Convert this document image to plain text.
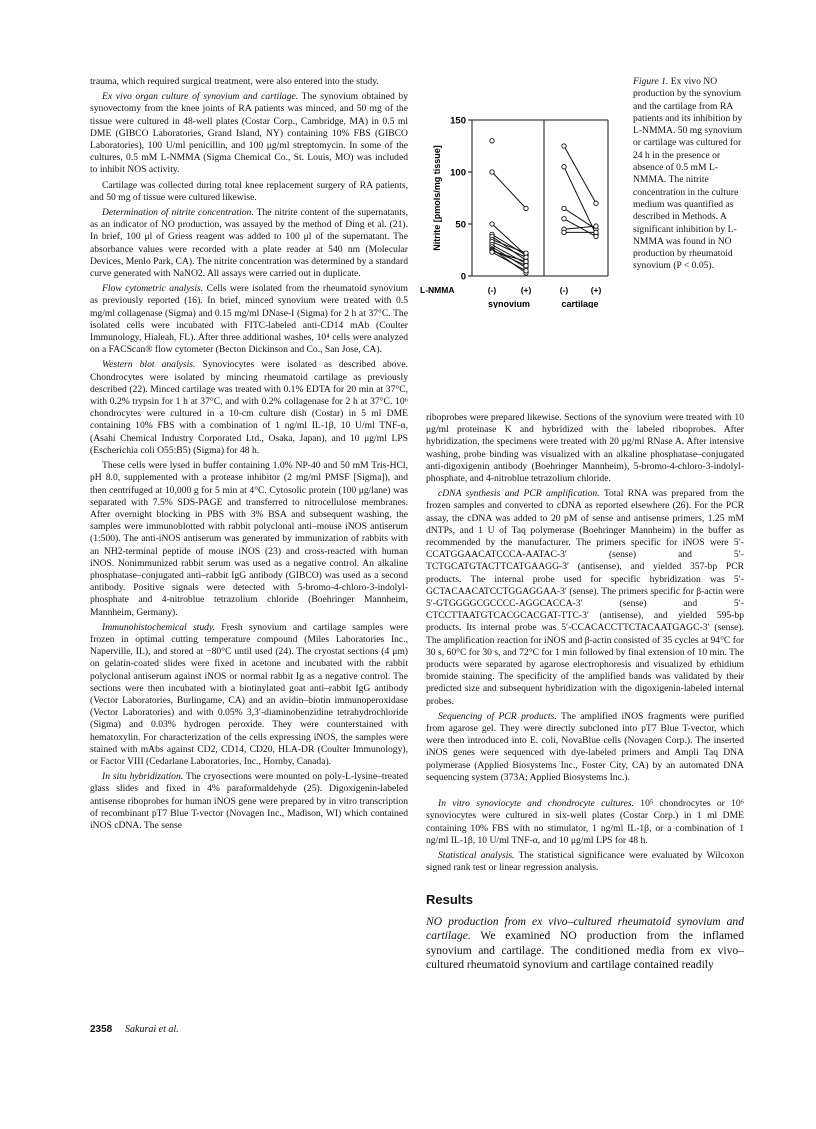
trauma, which required surgical treatment, were also entered into the study.

Ex vivo organ culture of synovium and cartilage. The synovium obtained by synovectomy from the knee joints of RA patients was minced, and 50 mg of the tissue were cultured in 48-well plates (Costar Corp., Cambridge, MA) in 0.5 ml DME (GIBCO Laboratories, Grand Island, NY) containing 10% FBS (GIBCO Laboratories), 100 U/ml penicillin, and 100 μg/ml streptomycin. In some of the cultures, 0.5 mM L-NMMA (Sigma Chemical Co., St. Louis, MO) was included to inhibit NOS activity.

Cartilage was collected during total knee replacement surgery of RA patients, and 50 mg of tissue were cultured likewise.

Determination of nitrite concentration. The nitrite content of the supernatants, as an indicator of NO production, was assayed by the method of Ding et al. (21). In brief, 100 μl of Griess reagent was added to 100 μl of the supernatant. The absorbance values were recorded with a plate reader at 540 nm (Molecular Devices, Menlo Park, CA). The nitrite concentration was determined by a standard curve generated with NaNO2. All assays were carried out in duplicate.

Flow cytometric analysis. Cells were isolated from the rheumatoid synovium as previously reported (16). In brief, minced synovium were treated with 0.5 mg/ml collagenase (Sigma) and 0.15 mg/ml DNase-I (Sigma) for 2 h at 37°C. The isolated cells were incubated with FITC-labeled anti-CD14 mAb (Coulter Immunology, Hialeah, FL). After three additional washes, 10⁴ cells were analyzed on a FACScan® flow cytometer (Becton Dickinson and Co., San Jose, CA).

Western blot analysis. Synoviocytes were isolated as described above. Chondrocytes were isolated by mincing rheumatoid cartilage as previously described (22). Minced cartilage was treated with 0.1% EDTA for 20 min at 37°C, with 0.2% trypsin for 1 h at 37°C, and with 0.2% collagenase for 2 h at 37°C. 10⁶ chondrocytes were cultured in a 10-cm culture dish (Costar) in 5 ml DME containing 10% FBS with a combination of 1 ng/ml IL-1β, 10 U/ml TNF-α, (Asahi Chemical Industry Corporated Ltd., Osaka, Japan), and 10 μg/ml LPS (Escherichia coli O55:B5) (Sigma) for 48 h.

These cells were lysed in buffer containing 1.0% NP-40 and 50 mM Tris-HCl, pH 8.0, supplemented with a protease inhibitor (2 mg/ml PMSF [Sigma]), and then centrifuged at 10,000 g for 5 min at 4°C. Cytosolic protein (100 μg/lane) was separated with 7.5% SDS-PAGE and transferred to nitrocellulose membranes. After overnight blocking in PBS with 3% BSA and subsequent washing, the samples were immunoblotted with rabbit polyclonal anti–mouse iNOS antiserum (1:500). The anti-iNOS antiserum was generated by immunization of rabbits with an NH2-terminal peptide of mouse iNOS (23) and cross-reacted with human iNOS. Nonimmunized rabbit serum was used as a negative control. An alkaline phosphatase–conjugated anti–rabbit IgG antibody (GIBCO) was used as a second antibody. Positive signals were detected with 5-bromo-4-chloro-3-indolyl-phosphate and 4-nitroblue tetrazolium chloride (Boehringer Mannheim, Mannheim, Germany).

Immunohistochemical study. Fresh synovium and cartilage samples were frozen in optimal cutting temperature compound (Miles Laboratories Inc., Naperville, IL), and stored at −80°C until used (24). The cryostat sections (4 μm) on gelatin-coated slides were fixed in acetone and incubated with the rabbit polyclonal antiserum against iNOS or normal rabbit Ig as a negative control. The sections were then incubated with a biotinylated goat anti–rabbit IgG antibody (Vector Laboratories, Burlingame, CA) and an avidin–biotin immunoperoxidase (Vector Laboratories) and with 0.05% 3,3′-diaminobenzidine tetrahydrochloride (Sigma) and 0.03% hydrogen peroxide. They were counterstained with hematoxylin. For characterization of the cells expressing iNOS, the samples were stained with mAbs against CD2, CD14, CD20, HLA-DR (Coulter Immunology), or Factor VIII (Cedarlane Laboratories, Inc., Hornby, Canada).

In situ hybridization. The cryosections were mounted on poly-L-lysine–treated glass slides and fixed in 4% paraformaldehyde (25). Digoxigenin-labeled antisense riboprobes for human iNOS gene were prepared by in vitro transcription of recombinant pT7 Blue T-vector (Novagen Inc., Madison, WI) which contained iNOS cDNA. The sense

0
50
100
150
Nitrite [pmols/mg tissue]
L-NMMA	(-)	(+)
synovium
(-)	(+)
cartilage
Figure 1. Ex vivo NO production by the synovium and the cartilage from RA patients and its inhibition by L-NMMA. 50 mg synovium or cartilage was cultured for 24 h in the presence or absence of 0.5 mM L-NMMA. The nitrite concentration in the culture medium was quantified as described in Methods. A significant inhibition by L-NMMA was found in NO production by rheumatoid synovium (P < 0.05).

riboprobes were prepared likewise. Sections of the synovium were treated with 10 μg/ml proteinase K and hybridized with the labeled riboprobes. After hybridization, the specimens were treated with 20 μg/ml RNase A. After intensive washing, probe binding was visualized with an alkaline phosphatase–conjugated anti-digoxigenin antibody (Boehringer Mannheim), 5-bromo-4-chloro-3-indolyl-phosphate, and 4-nitroblue tetrazolium chloride.

cDNA synthesis and PCR amplification. Total RNA was prepared from the frozen samples and converted to cDNA as reported elsewhere (26). For the PCR assay, the cDNA was added to 20 pM of sense and antisense primers, 1.25 mM dNTPs, and 1 U of Taq polymerase (Boehringer Mannheim) in the buffer as recommended by the manufacturer. The primers specific for iNOS were 5′-CCATGGAACATCCCA-AATAC-3′ (sense) and 5′-TCTGCATGTACTTCATGAAGG-3′ (antisense), and yielded 357-bp PCR products. The internal probe used for specific hybridization was 5′-GCTACAACATCCTGGAGGAA-3′ (sense). The primers specific for β-actin were 5′-GTGGGGCGCCCC-AGGCACCA-3′ (sense) and 5′-CTCCTTAATGTCACGCACGAT-TTC-3′ (antisense), and yielded 595-bp products. Its internal probe was 5′-CCACACCTTCTACAATGAGC-3′ (sense). The amplification reaction for iNOS and β-actin consisted of 35 cycles at 94°C for 30 s, 60°C for 30 s, and 72°C for 1 min followed by final extension of 10 min. The products were separated by agarose electrophoresis and visualized by ethidium bromide staining. The specificity of the amplified bands was validated by their predicted size and subsequent hybridization with the digoxigenin-labeled internal probes.

Sequencing of PCR products. The amplified iNOS fragments were purified from agarose gel. They were directly subcloned into pT7 Blue T-vector, which were then introduced into E. coli, NovaBlue cells (Novagen Corp.). The inserted iNOS genes were sequenced with dye-labeled primers and Ampli Taq DNA polymerase (Applied Biosystems Inc., Foster City, CA) by an automated DNA sequencing system (373A; Applied Biosystems Inc.).

In vitro synoviocyte and chondrocyte cultures. 10⁵ chondrocytes or 10⁶ synoviocytes were cultured in six-well plates (Costar Corp.) in 1 ml DME containing 10% FBS with no stimulator, 1 ng/ml IL-1β, or a combination of 1 ng/ml IL-1β, 10 U/ml TNF-α, and 10 μg/ml LPS for 48 h.

Statistical analysis. The statistical significance were evaluated by Wilcoxon signed rank test or linear regression analysis.

Results

NO production from ex vivo–cultured rheumatoid synovium and cartilage. We examined NO production from the inflamed synovium and cartilage. The conditioned media from ex vivo–cultured rheumatoid synovium and cartilage contained readily

2358 Sakurai et al.
